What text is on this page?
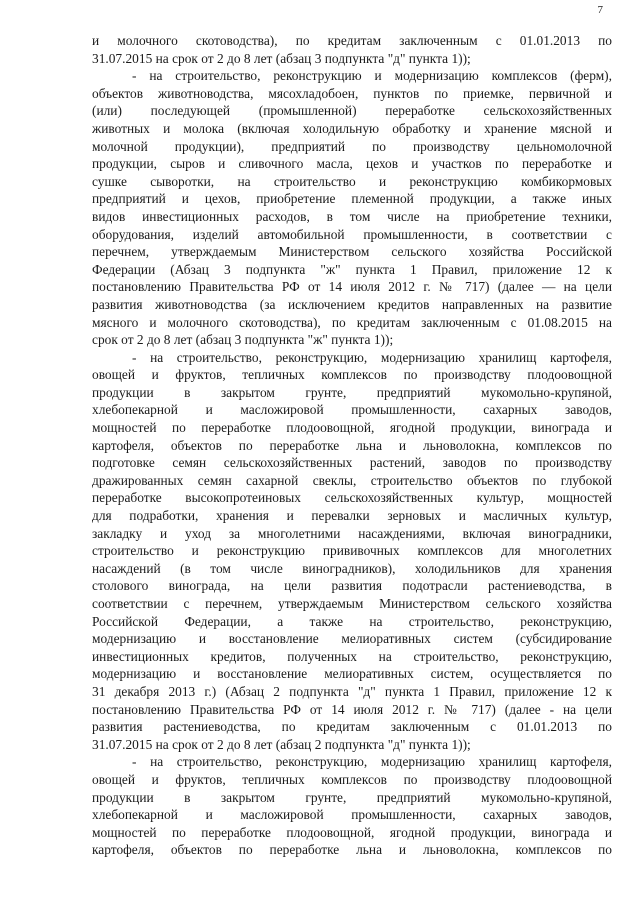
7
и молочного скотоводства), по кредитам заключенным с 01.01.2013 по
31.07.2015 на срок от 2 до 8 лет (абзац 3 подпункта "д" пункта 1));
- на строительство, реконструкцию и модернизацию комплексов (ферм),
объектов животноводства, мясохладобоен, пунктов по приемке, первичной и
(или) последующей (промышленной) переработке сельскохозяйственных
животных и молока (включая холодильную обработку и хранение мясной и
молочной продукции), предприятий по производству цельномолочной
продукции, сыров и сливочного масла, цехов и участков по переработке и
сушке сыворотки, на строительство и реконструкцию комбикормовых
предприятий и цехов, приобретение племенной продукции, а также иных
видов инвестиционных расходов, в том числе на приобретение техники,
оборудования, изделий автомобильной промышленности, в соответствии с
перечнем, утверждаемым Министерством сельского хозяйства Российской
Федерации (Абзац 3 подпункта "ж" пункта 1 Правил, приложение 12 к
постановлению Правительства РФ от 14 июля 2012 г. № 717) (далее — на цели
развития животноводства (за исключением кредитов направленных на развитие
мясного и молочного скотоводства), по кредитам заключенным с 01.08.2015 на
срок от 2 до 8 лет (абзац 3 подпункта "ж" пункта 1));
- на строительство, реконструкцию, модернизацию хранилищ картофеля,
овощей и фруктов, тепличных комплексов по производству плодоовощной
продукции в закрытом грунте, предприятий мукомольно-крупяной,
хлебопекарной и масложировой промышленности, сахарных заводов,
мощностей по переработке плодоовощной, ягодной продукции, винограда и
картофеля, объектов по переработке льна и льноволокна, комплексов по
подготовке семян сельскохозяйственных растений, заводов по производству
дражированных семян сахарной свеклы, строительство объектов по глубокой
переработке высокопротеиновых сельскохозяйственных культур, мощностей
для подработки, хранения и перевалки зерновых и масличных культур,
закладку и уход за многолетними насаждениями, включая виноградники,
строительство и реконструкцию прививочных комплексов для многолетних
насаждений (в том числе виноградников), холодильников для хранения
столового винограда, на цели развития подотрасли растениеводства, в
соответствии с перечнем, утверждаемым Министерством сельского хозяйства
Российской Федерации, а также на строительство, реконструкцию,
модернизацию и восстановление мелиоративных систем (субсидирование
инвестиционных кредитов, полученных на строительство, реконструкцию,
модернизацию и восстановление мелиоративных систем, осуществляется по
31 декабря 2013 г.) (Абзац 2 подпункта "д" пункта 1 Правил, приложение 12 к
постановлению Правительства РФ от 14 июля 2012 г. № 717) (далее - на цели
развития растениеводства, по кредитам заключенным с 01.01.2013 по
31.07.2015 на срок от 2 до 8 лет (абзац 2 подпункта "д" пункта 1));
- на строительство, реконструкцию, модернизацию хранилищ картофеля,
овощей и фруктов, тепличных комплексов по производству плодоовощной
продукции в закрытом грунте, предприятий мукомольно-крупяной,
хлебопекарной и масложировой промышленности, сахарных заводов,
мощностей по переработке плодоовощной, ягодной продукции, винограда и
картофеля, объектов по переработке льна и льноволокна, комплексов по
